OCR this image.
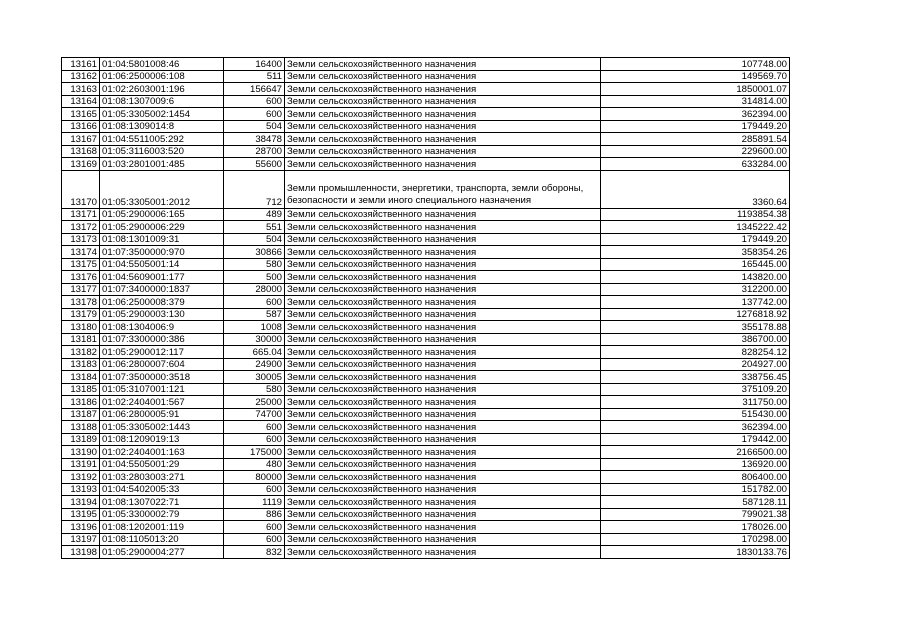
13161	01:04:5801008:46	16400	Земли сельскохозяйственного назначения	107748.00
13162	01:06:2500006:108	511	Земли сельскохозяйственного назначения	149569.70
13163	01:02:2603001:196	156647	Земли сельскохозяйственного назначения	1850001.07
13164	01:08:1307009:6	600	Земли сельскохозяйственного назначения	314814.00
13165	01:05:3305002:1454	600	Земли сельскохозяйственного назначения	362394.00
13166	01:08:1309014:8	504	Земли сельскохозяйственного назначения	179449.20
13167	01:04:5511005:292	38478	Земли сельскохозяйственного назначения	285891.54
13168	01:05:3116003:520	28700	Земли сельскохозяйственного назначения	229600.00
13169	01:03:2801001:485	55600	Земли сельскохозяйственного назначения	633284.00
13170	01:05:3305001:2012	712	Земли промышленности, энергетики, транспорта, земли обороны, безопасности и земли иного специального назначения	3360.64
13171	01:05:2900006:165	489	Земли сельскохозяйственного назначения	1193854.38
13172	01:05:2900006:229	551	Земли сельскохозяйственного назначения	1345222.42
13173	01:08:1301009:31	504	Земли сельскохозяйственного назначения	179449.20
13174	01:07:3500000:970	30866	Земли сельскохозяйственного назначения	358354.26
13175	01:04:5505001:14	580	Земли сельскохозяйственного назначения	165445.00
13176	01:04:5609001:177	500	Земли сельскохозяйственного назначения	143820.00
13177	01:07:3400000:1837	28000	Земли сельскохозяйственного назначения	312200.00
13178	01:06:2500008:379	600	Земли сельскохозяйственного назначения	137742.00
13179	01:05:2900003:130	587	Земли сельскохозяйственного назначения	1276818.92
13180	01:08:1304006:9	1008	Земли сельскохозяйственного назначения	355178.88
13181	01:07:3300000:386	30000	Земли сельскохозяйственного назначения	386700.00
13182	01:05:2900012:117	665.04	Земли сельскохозяйственного назначения	828254.12
13183	01:06:2800007:604	24900	Земли сельскохозяйственного назначения	204927.00
13184	01:07:3500000:3518	30005	Земли сельскохозяйственного назначения	338756.45
13185	01:05:3107001:121	580	Земли сельскохозяйственного назначения	375109.20
13186	01:02:2404001:567	25000	Земли сельскохозяйственного назначения	311750.00
13187	01:06:2800005:91	74700	Земли сельскохозяйственного назначения	515430.00
13188	01:05:3305002:1443	600	Земли сельскохозяйственного назначения	362394.00
13189	01:08:1209019:13	600	Земли сельскохозяйственного назначения	179442.00
13190	01:02:2404001:163	175000	Земли сельскохозяйственного назначения	2166500.00
13191	01:04:5505001:29	480	Земли сельскохозяйственного назначения	136920.00
13192	01:03:2803003:271	80000	Земли сельскохозяйственного назначения	806400.00
13193	01:04:5402005:33	600	Земли сельскохозяйственного назначения	151782.00
13194	01:08:1307022:71	1119	Земли сельскохозяйственного назначения	587128.11
13195	01:05:3300002:79	886	Земли сельскохозяйственного назначения	799021.38
13196	01:08:1202001:119	600	Земли сельскохозяйственного назначения	178026.00
13197	01:08:1105013:20	600	Земли сельскохозяйственного назначения	170298.00
13198	01:05:2900004:277	832	Земли сельскохозяйственного назначения	1830133.76
